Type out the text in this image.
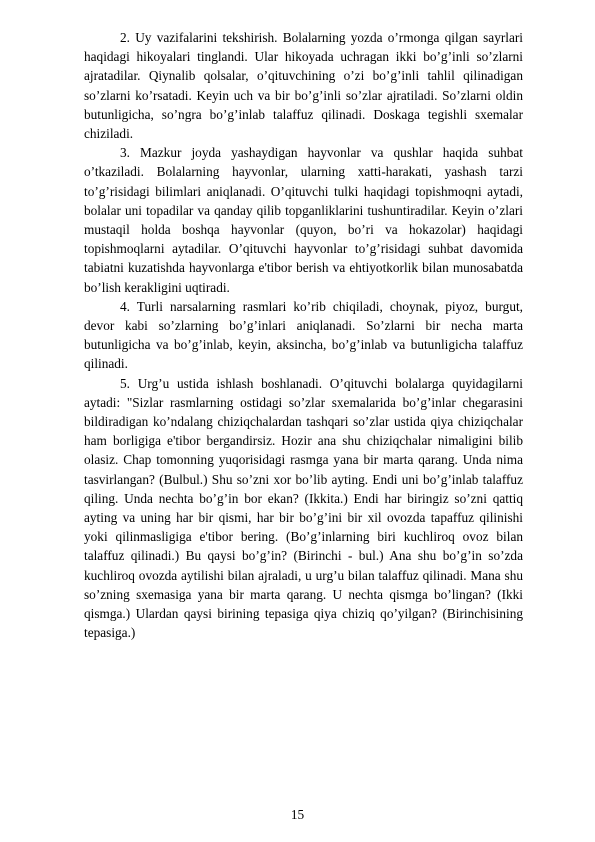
2. Uy vazifalarini tekshirish. Bolalarning yozda o’rmonga qilgan sayrlari haqidagi hikoyalari tinglandi. Ular hikoyada uchragan ikki bo’g’inli so’zlarni ajratadilar. Qiynalib qolsalar, o’qituvchining o’zi bo’g’inli tahlil qilinadigan so’zlarni ko’rsatadi. Keyin uch va bir bo’g’inli so’zlar ajratiladi. So’zlarni oldin butunligicha, so’ngra bo’g’inlab talaffuz qilinadi. Doskaga tegishli sxemalar chiziladi.

3. Mazkur joyda yashaydigan hayvonlar va qushlar haqida suhbat o’tkaziladi. Bolalarning hayvonlar, ularning xatti-harakati, yashash tarzi to’g’risidagi bilimlari aniqlanadi. O’qituvchi tulki haqidagi topishmoqni aytadi, bolalar uni topadilar va qanday qilib topganliklarini tushuntiradilar. Keyin o’zlari mustaqil holda boshqa hayvonlar (quyon, bo’ri va hokazolar) haqidagi topishmoqlarni aytadilar. O’qituvchi hayvonlar to’g’risidagi suhbat davomida tabiatni kuzatishda hayvonlarga e'tibor berish va ehtiyotkorlik bilan munosabatda bo’lish kerakligini uqtiradi.

4. Turli narsalarning rasmlari ko’rib chiqiladi, choynak, piyoz, burgut, devor kabi so’zlarning bo’g’inlari aniqlanadi. So’zlarni bir necha marta butunligicha va bo’g’inlab, keyin, aksincha, bo’g’inlab va butunligicha talaffuz qilinadi.

5. Urg’u ustida ishlash boshlanadi. O’qituvchi bolalarga quyidagilarni aytadi: "Sizlar rasmlarning ostidagi so’zlar sxemalarida bo’g’inlar chegarasini bildiradigan ko’ndalang chiziqchalardan tashqari so’zlar ustida qiya chiziqchalar ham borligiga e'tibor bergandirsiz. Hozir ana shu chiziqchalar nimaligini bilib olasiz. Chap tomonning yuqorisidagi rasmga yana bir marta qarang. Unda nima tasvirlangan? (Bulbul.) Shu so’zni xor bo’lib ayting. Endi uni bo’g’inlab talaffuz qiling. Unda nechta bo’g’in bor ekan? (Ikkita.) Endi har biringiz so’zni qattiq ayting va uning har bir qismi, har bir bo’g’ini bir xil ovozda tapaffuz qilinishi yoki qilinmasligiga e'tibor bering. (Bo’g’inlarning biri kuchliroq ovoz bilan talaffuz qilinadi.) Bu qaysi bo’g’in? (Birinchi - bul.) Ana shu bo’g’in so’zda kuchliroq ovozda aytilishi bilan ajraladi, u urg’u bilan talaffuz qilinadi. Mana shu so’zning sxemasiga yana bir marta qarang. U nechta qismga bo’lingan? (Ikki qismga.) Ulardan qaysi birining tepasiga qiya chiziq qo’yilgan? (Birinchisining tepasiga.)

15
